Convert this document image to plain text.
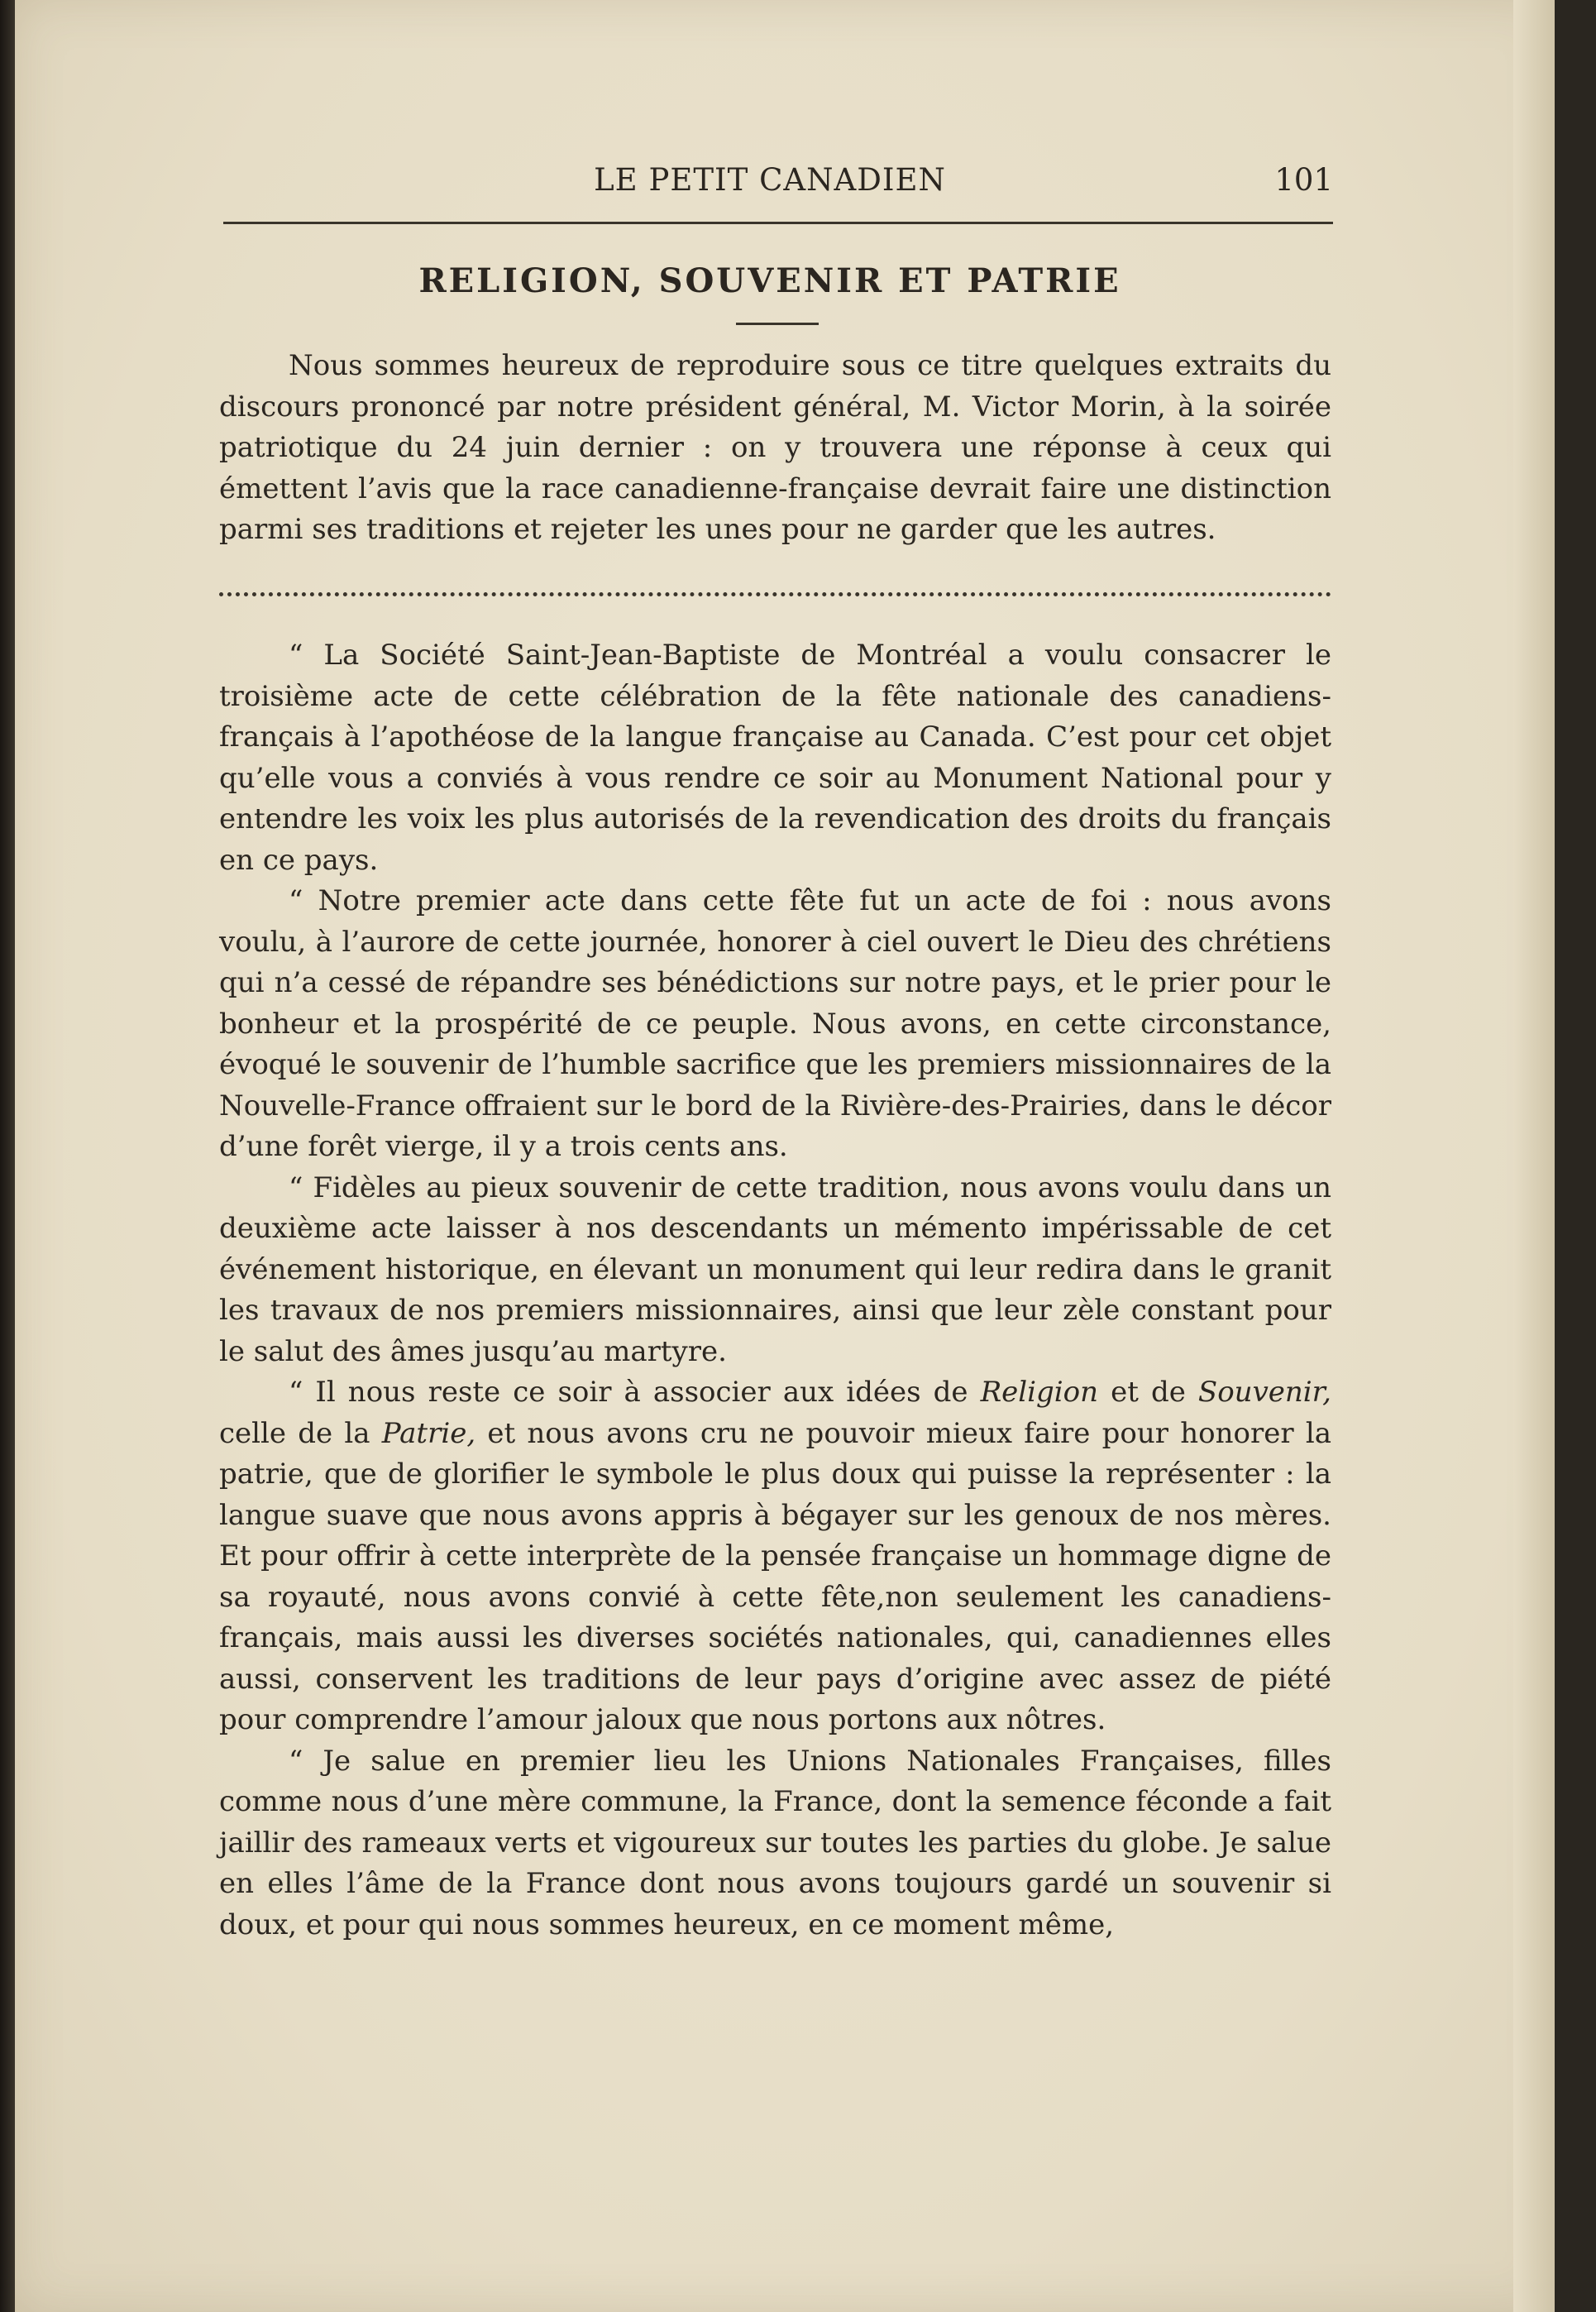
LE PETIT CANADIEN	101
RELIGION, SOUVENIR ET PATRIE

Nous sommes heureux de reproduire sous ce titre quelques extraits du discours prononcé par notre président général, M. Victor Morin, à la soirée patriotique du 24 juin dernier : on y trouvera une réponse à ceux qui émettent l’avis que la race canadienne-française devrait faire une distinction parmi ses traditions et rejeter les unes pour ne garder que les autres.

“ La Société Saint-Jean-Baptiste de Montréal a voulu consacrer le troisième acte de cette célébration de la fête nationale des canadiens-français à l’apothéose de la langue française au Canada. C’est pour cet objet qu’elle vous a conviés à vous rendre ce soir au Monument National pour y entendre les voix les plus autorisés de la revendication des droits du français en ce pays.

“ Notre premier acte dans cette fête fut un acte de foi : nous avons voulu, à l’aurore de cette journée, honorer à ciel ouvert le Dieu des chrétiens qui n’a cessé de répandre ses bénédictions sur notre pays, et le prier pour le bonheur et la prospérité de ce peuple. Nous avons, en cette circonstance, évoqué le souvenir de l’humble sacrifice que les premiers missionnaires de la Nouvelle-France offraient sur le bord de la Rivière-des-Prairies, dans le décor d’une forêt vierge, il y a trois cents ans.

“ Fidèles au pieux souvenir de cette tradition, nous avons voulu dans un deuxième acte laisser à nos descendants un mémento impérissable de cet événement historique, en élevant un monument qui leur redira dans le granit les travaux de nos premiers missionnaires, ainsi que leur zèle constant pour le salut des âmes jusqu’au martyre.

“ Il nous reste ce soir à associer aux idées de Religion et de Souvenir, celle de la Patrie, et nous avons cru ne pouvoir mieux faire pour honorer la patrie, que de glorifier le symbole le plus doux qui puisse la représenter : la langue suave que nous avons appris à bégayer sur les genoux de nos mères. Et pour offrir à cette interprète de la pensée française un hommage digne de sa royauté, nous avons convié à cette fête,non seulement les canadiens-français, mais aussi les diverses sociétés nationales, qui, canadiennes elles aussi, conservent les traditions de leur pays d’origine avec assez de piété pour comprendre l’amour jaloux que nous portons aux nôtres.

“ Je salue en premier lieu les Unions Nationales Françaises, filles comme nous d’une mère commune, la France, dont la semence féconde a fait jaillir des rameaux verts et vigoureux sur toutes les parties du globe. Je salue en elles l’âme de la France dont nous avons toujours gardé un souvenir si doux, et pour qui nous sommes heureux, en ce moment même,
